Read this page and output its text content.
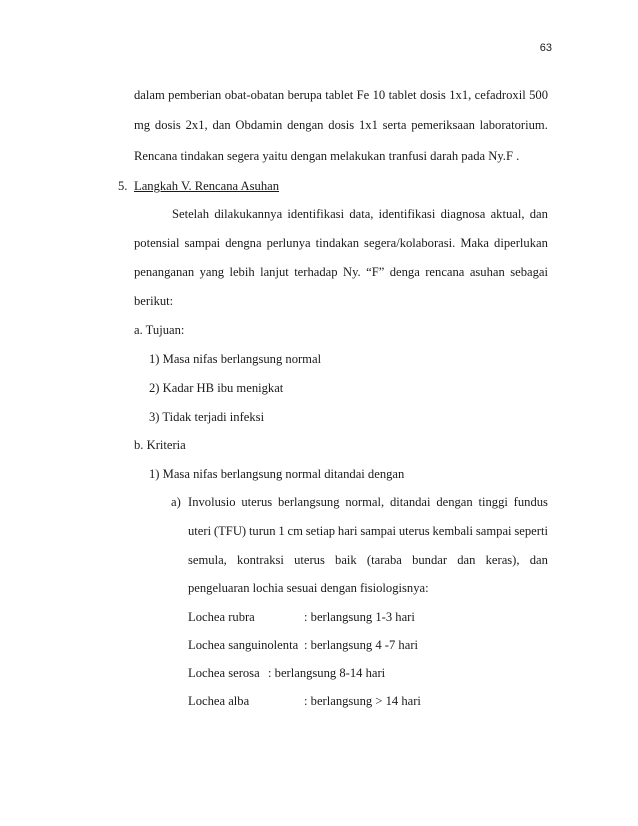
63
dalam pemberian obat-obatan berupa tablet Fe 10 tablet dosis 1x1, cefadroxil 500
mg dosis 2x1, dan Obdamin dengan dosis 1x1 serta pemeriksaan laboratorium.
Rencana tindakan segera yaitu dengan melakukan tranfusi darah pada Ny.F .
5. Langkah V. Rencana Asuhan
Setelah dilakukannya identifikasi data, identifikasi diagnosa aktual, dan
potensial sampai dengna perlunya tindakan segera/kolaborasi. Maka diperlukan
penanganan yang lebih lanjut terhadap Ny. “F” denga rencana asuhan sebagai
berikut:
a. Tujuan:
1) Masa nifas berlangsung normal
2) Kadar HB ibu menigkat
3) Tidak terjadi infeksi
b. Kriteria
1) Masa nifas berlangsung normal ditandai dengan
a) Involusio uterus berlangsung normal, ditandai dengan tinggi fundus
uteri (TFU) turun 1 cm setiap hari sampai uterus kembali sampai seperti
semula, kontraksi uterus baik (taraba bundar dan keras), dan
pengeluaran lochia sesuai dengan fisiologisnya:
Lochea rubra	: berlangsung 1-3 hari
Lochea sanguinolenta : berlangsung 4 -7 hari
Lochea serosa : berlangsung 8-14 hari
Lochea alba	: berlangsung > 14 hari
